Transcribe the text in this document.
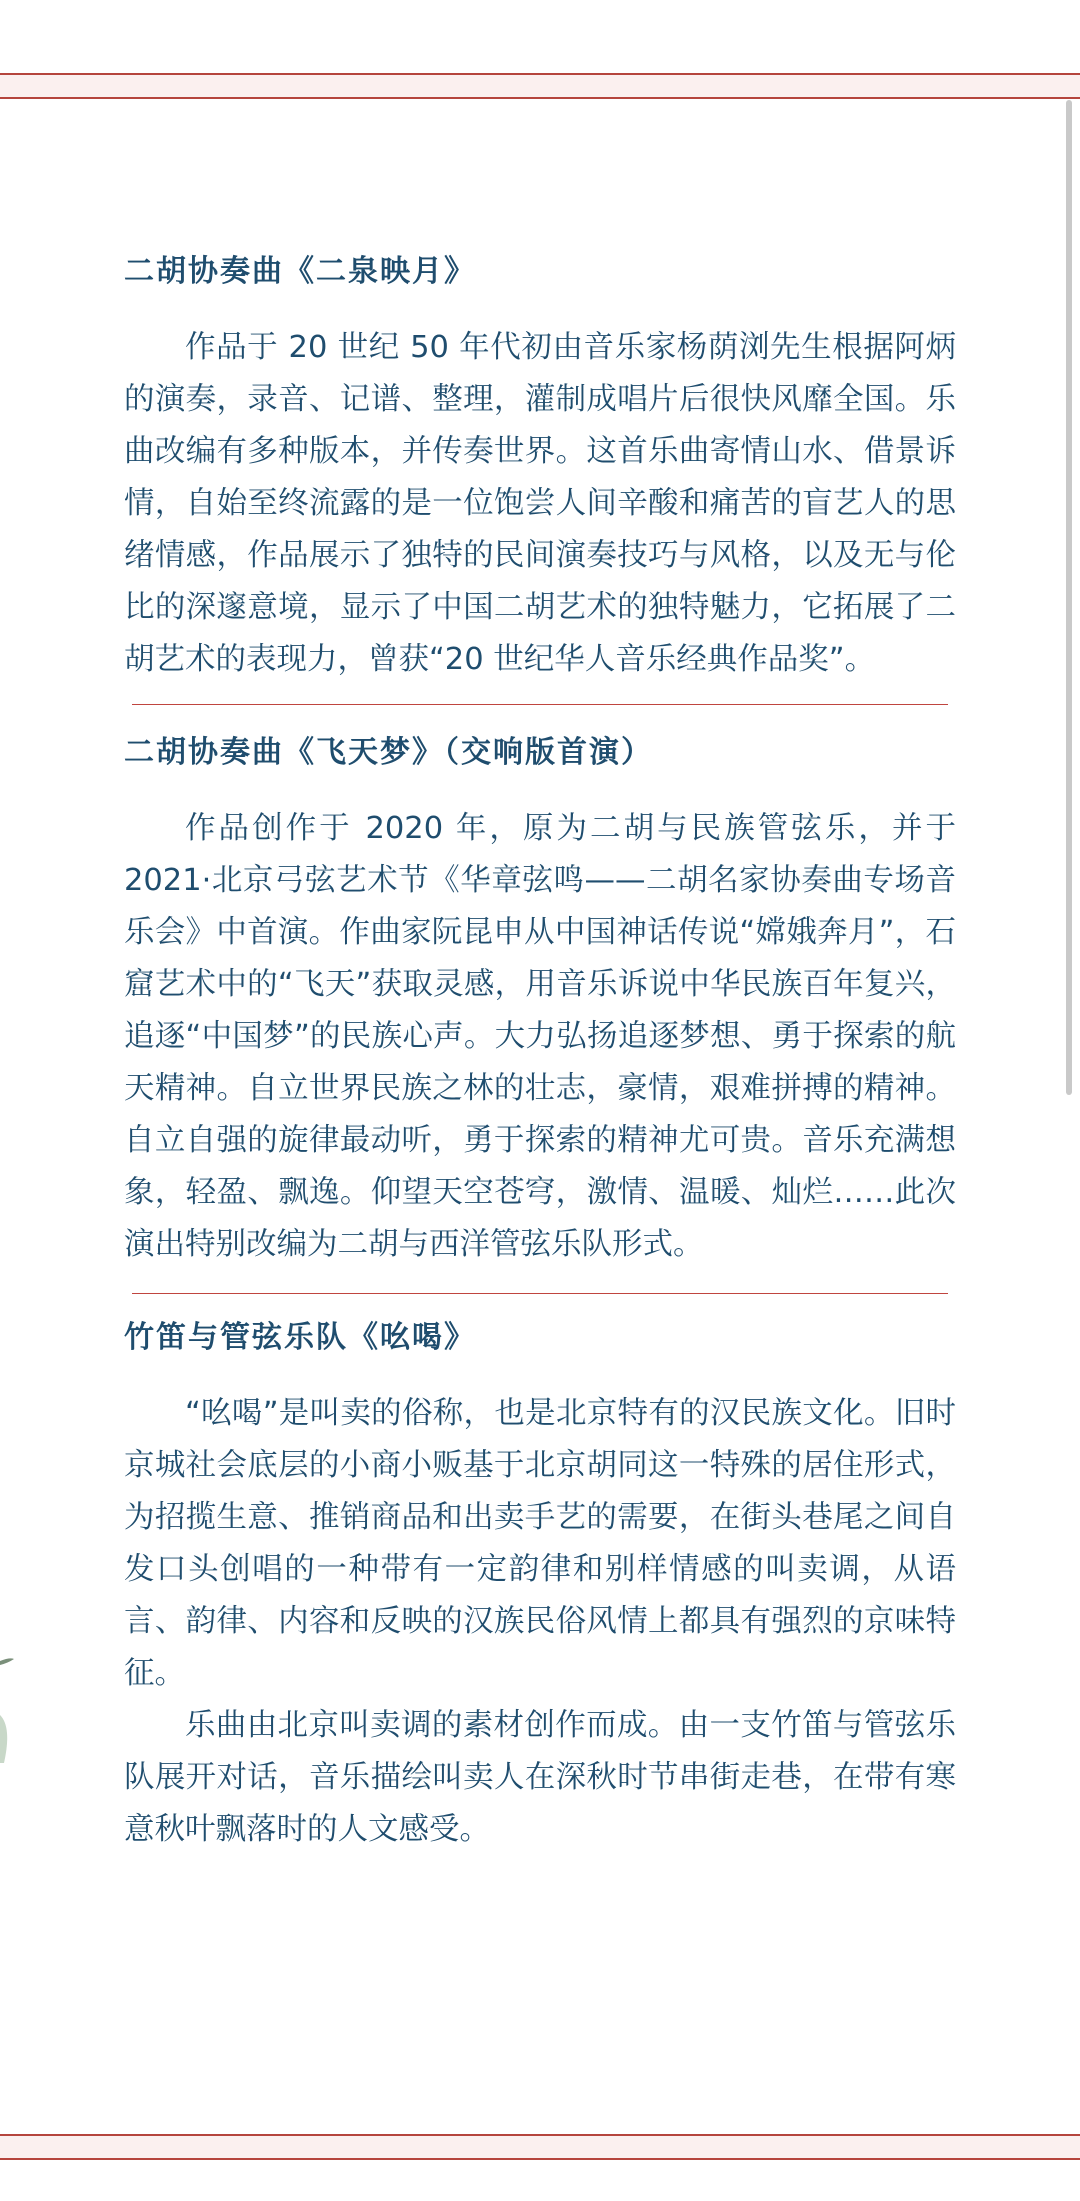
二胡协奏曲《二泉映月》

作品于 20 世纪 50 年代初由音乐家杨荫浏先生根据阿炳的演奏，录音、记谱、整理，灌制成唱片后很快风靡全国。乐曲改编有多种版本，并传奏世界。这首乐曲寄情山水、借景诉情，自始至终流露的是一位饱尝人间辛酸和痛苦的盲艺人的思绪情感，作品展示了独特的民间演奏技巧与风格，以及无与伦比的深邃意境，显示了中国二胡艺术的独特魅力，它拓展了二胡艺术的表现力，曾获“20 世纪华人音乐经典作品奖”。

二胡协奏曲《飞天梦》（交响版首演）

作品创作于 2020 年，原为二胡与民族管弦乐，并于 2021·北京弓弦艺术节《华章弦鸣——二胡名家协奏曲专场音乐会》中首演。作曲家阮昆申从中国神话传说“嫦娥奔月”，石窟艺术中的“飞天”获取灵感，用音乐诉说中华民族百年复兴，追逐“中国梦”的民族心声。大力弘扬追逐梦想、勇于探索的航天精神。自立世界民族之林的壮志，豪情，艰难拼搏的精神。自立自强的旋律最动听，勇于探索的精神尤可贵。音乐充满想象，轻盈、飘逸。仰望天空苍穹，激情、温暖、灿烂……此次演出特别改编为二胡与西洋管弦乐队形式。

竹笛与管弦乐队《吆喝》

“吆喝”是叫卖的俗称，也是北京特有的汉民族文化。旧时京城社会底层的小商小贩基于北京胡同这一特殊的居住形式，为招揽生意、推销商品和出卖手艺的需要，在街头巷尾之间自发口头创唱的一种带有一定韵律和别样情感的叫卖调，从语言、韵律、内容和反映的汉族民俗风情上都具有强烈的京味特征。

乐曲由北京叫卖调的素材创作而成。由一支竹笛与管弦乐队展开对话，音乐描绘叫卖人在深秋时节串街走巷，在带有寒意秋叶飘落时的人文感受。
